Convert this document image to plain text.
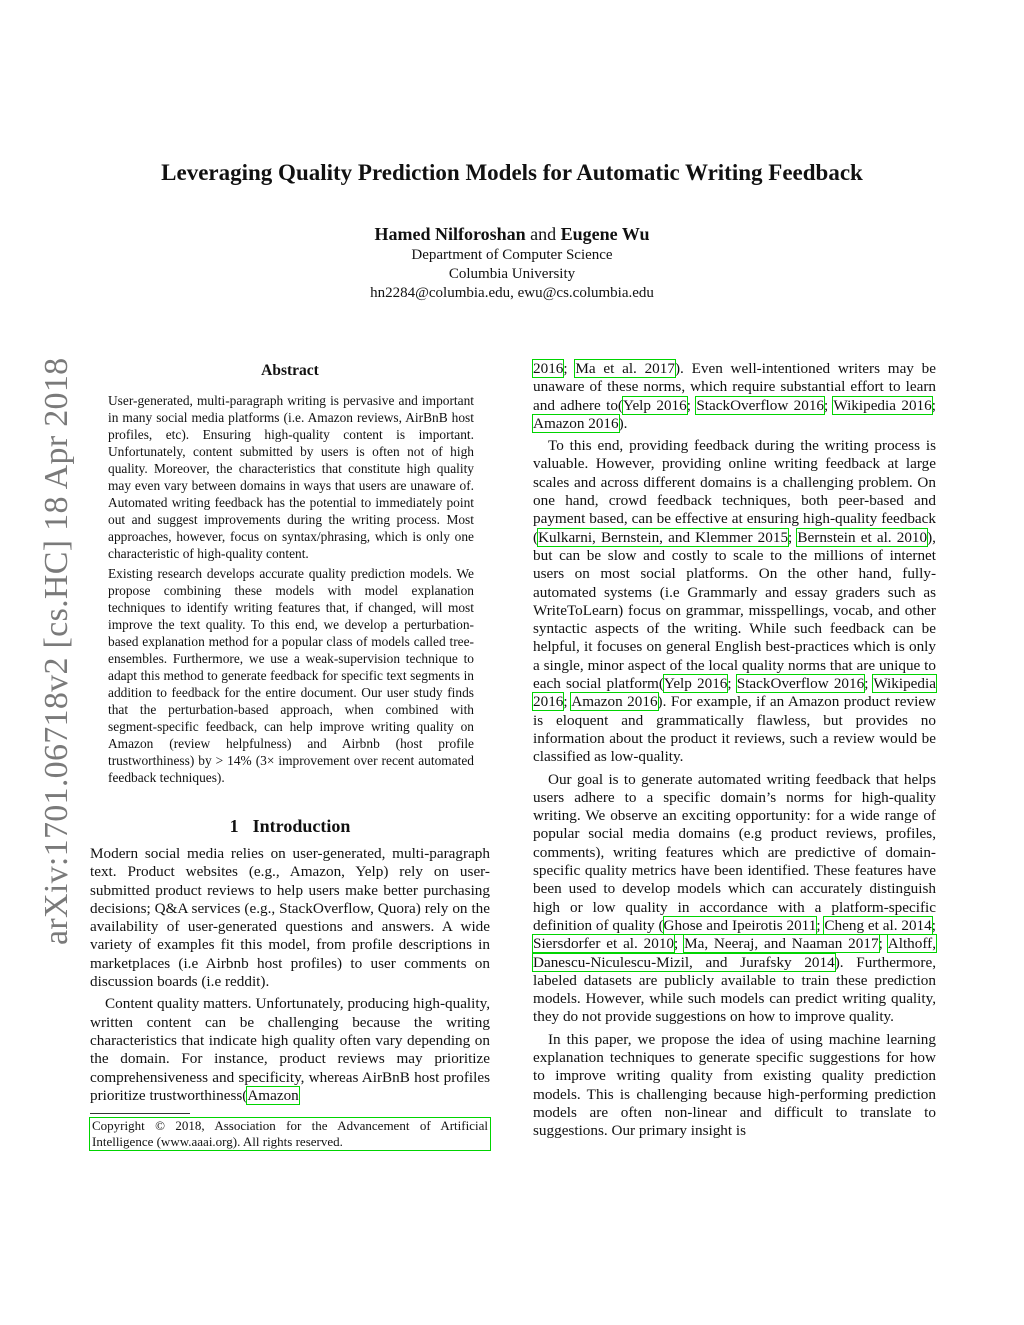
arXiv:1701.06718v2 [cs.HC] 18 Apr 2018
Leveraging Quality Prediction Models for Automatic Writing Feedback
Hamed Nilforoshan and Eugene Wu
Department of Computer Science
Columbia University
hn2284@columbia.edu, ewu@cs.columbia.edu
Abstract

User-generated, multi-paragraph writing is pervasive and important in many social media platforms (i.e. Amazon reviews, AirBnB host profiles, etc). Ensuring high-quality content is important. Unfortunately, content submitted by users is often not of high quality. Moreover, the characteristics that constitute high quality may even vary between domains in ways that users are unaware of. Automated writing feedback has the potential to immediately point out and suggest improvements during the writing process. Most approaches, however, focus on syntax/phrasing, which is only one characteristic of high-quality content.

Existing research develops accurate quality prediction models. We propose combining these models with model explanation techniques to identify writing features that, if changed, will most improve the text quality. To this end, we develop a perturbation-based explanation method for a popular class of models called tree-ensembles. Furthermore, we use a weak-supervision technique to adapt this method to generate feedback for specific text segments in addition to feedback for the entire document. Our user study finds that the perturbation-based approach, when combined with segment-specific feedback, can help improve writing quality on Amazon (review helpfulness) and Airbnb (host profile trustworthiness) by > 14% (3× improvement over recent automated feedback techniques).

1 Introduction

Modern social media relies on user-generated, multi-paragraph text. Product websites (e.g., Amazon, Yelp) rely on user-submitted product reviews to help users make better purchasing decisions; Q&A services (e.g., StackOverflow, Quora) rely on the availability of user-generated questions and answers. A wide variety of examples fit this model, from profile descriptions in marketplaces (i.e Airbnb host profiles) to user comments on discussion boards (i.e reddit).

Content quality matters. Unfortunately, producing high-quality, written content can be challenging because the writing characteristics that indicate high quality often vary depending on the domain. For instance, product reviews may prioritize comprehensiveness and specificity, whereas AirBnB host profiles prioritize trustworthiness(Amazon

Copyright © 2018, Association for the Advancement of Artificial Intelligence (www.aaai.org). All rights reserved.

2016; Ma et al. 2017). Even well-intentioned writers may be unaware of these norms, which require substantial effort to learn and adhere to(Yelp 2016; StackOverflow 2016; Wikipedia 2016; Amazon 2016).

To this end, providing feedback during the writing process is valuable. However, providing online writing feedback at large scales and across different domains is a challenging problem. On one hand, crowd feedback techniques, both peer-based and payment based, can be effective at ensuring high-quality feedback (Kulkarni, Bernstein, and Klemmer 2015; Bernstein et al. 2010), but can be slow and costly to scale to the millions of internet users on most social platforms. On the other hand, fully-automated systems (i.e Grammarly and essay graders such as WriteToLearn) focus on grammar, misspellings, vocab, and other syntactic aspects of the writing. While such feedback can be helpful, it focuses on general English best-practices which is only a single, minor aspect of the local quality norms that are unique to each social platform(Yelp 2016; StackOverflow 2016; Wikipedia 2016; Amazon 2016). For example, if an Amazon product review is eloquent and grammatically flawless, but provides no information about the product it reviews, such a review would be classified as low-quality.

Our goal is to generate automated writing feedback that helps users adhere to a specific domain’s norms for high-quality writing. We observe an exciting opportunity: for a wide range of popular social media domains (e.g product reviews, profiles, comments), writing features which are predictive of domain-specific quality metrics have been identified. These features have been used to develop models which can accurately distinguish high or low quality in accordance with a platform-specific definition of quality (Ghose and Ipeirotis 2011; Cheng et al. 2014; Siersdorfer et al. 2010; Ma, Neeraj, and Naaman 2017; Althoff, Danescu-Niculescu-Mizil, and Jurafsky 2014). Furthermore, labeled datasets are publicly available to train these prediction models. However, while such models can predict writing quality, they do not provide suggestions on how to improve quality.

In this paper, we propose the idea of using machine learning explanation techniques to generate specific suggestions for how to improve writing quality from existing quality prediction models. This is challenging because high-performing prediction models are often non-linear and difficult to translate to suggestions. Our primary insight is
